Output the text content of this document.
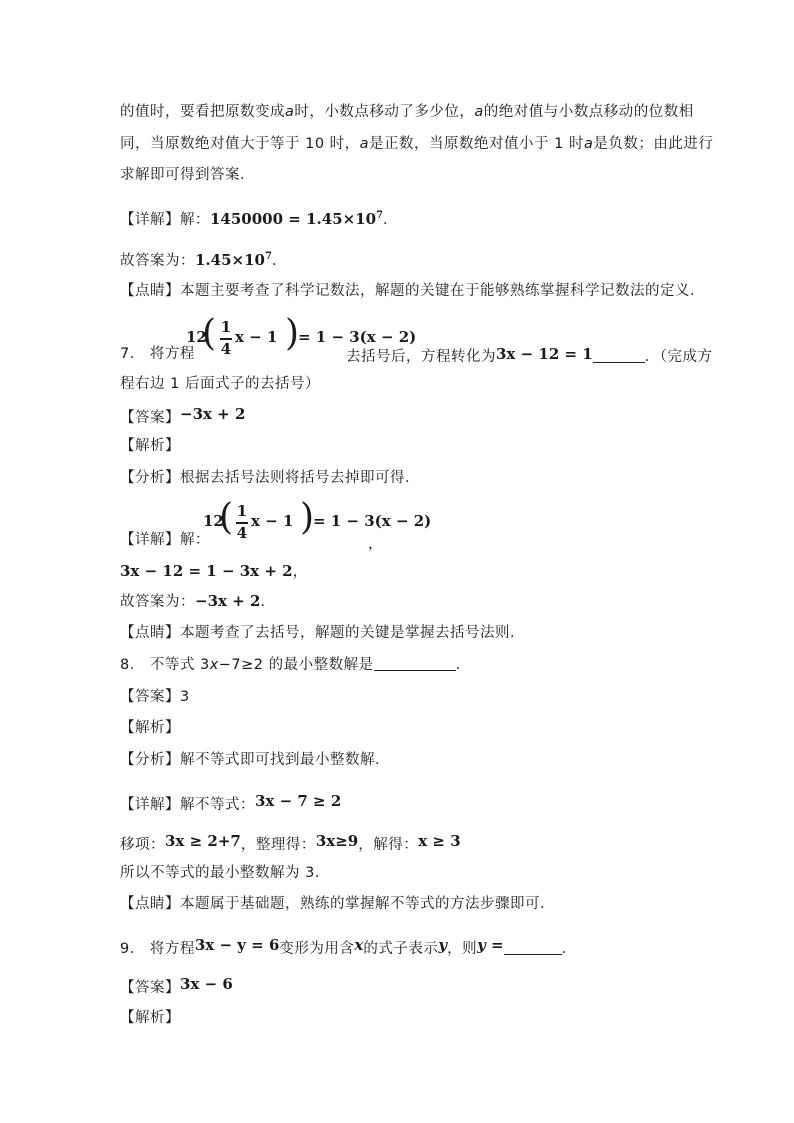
的值时，要看把原数变成a时，小数点移动了多少位，a的绝对值与小数点移动的位数相
同，当原数绝对值大于等于 10 时，a是正数，当原数绝对值小于 1 时a是负数；由此进行
求解即可得到答案．
【详解】解：$1450000 = 1.45\times 10^7$．
故答案为：$1.45\times 10^7$．
【点睛】本题主要考查了科学记数法，解题的关键在于能够熟练掌握科学记数法的定义．
12
( 1
4
x − 1 )
= 1 − 3(x − 2)
7． 将方程	去括号后，方程转化为3x − 12 = 1	．（完成方
程右边 1 后面式子的去括号）
【答案】−3x + 2
【解析】
【分析】根据去括号法则将括号去掉即可得．
12
( 1
4
x − 1 )
= 1 − 3(x − 2)
，
【详解】解：
3x − 12 = 1 − 3x + 2，
故答案为：−3x + 2．
【点睛】本题考查了去括号，解题的关键是掌握去括号法则．
8． 不等式 3x−7≥2 的最小整数解是	．
【答案】3
【解析】
【分析】解不等式即可找到最小整数解．
【详解】解不等式：3x − 7 ≥ 2
移项：3x ≥ 2+7，整理得：3x≥9，解得：x ≥ 3
所以不等式的最小整数解为 3．
【点睛】本题属于基础题，熟练的掌握解不等式的方法步骤即可．
9． 将方程3x − y = 6变形为用含x的式子表示y，则y =	．
【答案】3x − 6
【解析】
